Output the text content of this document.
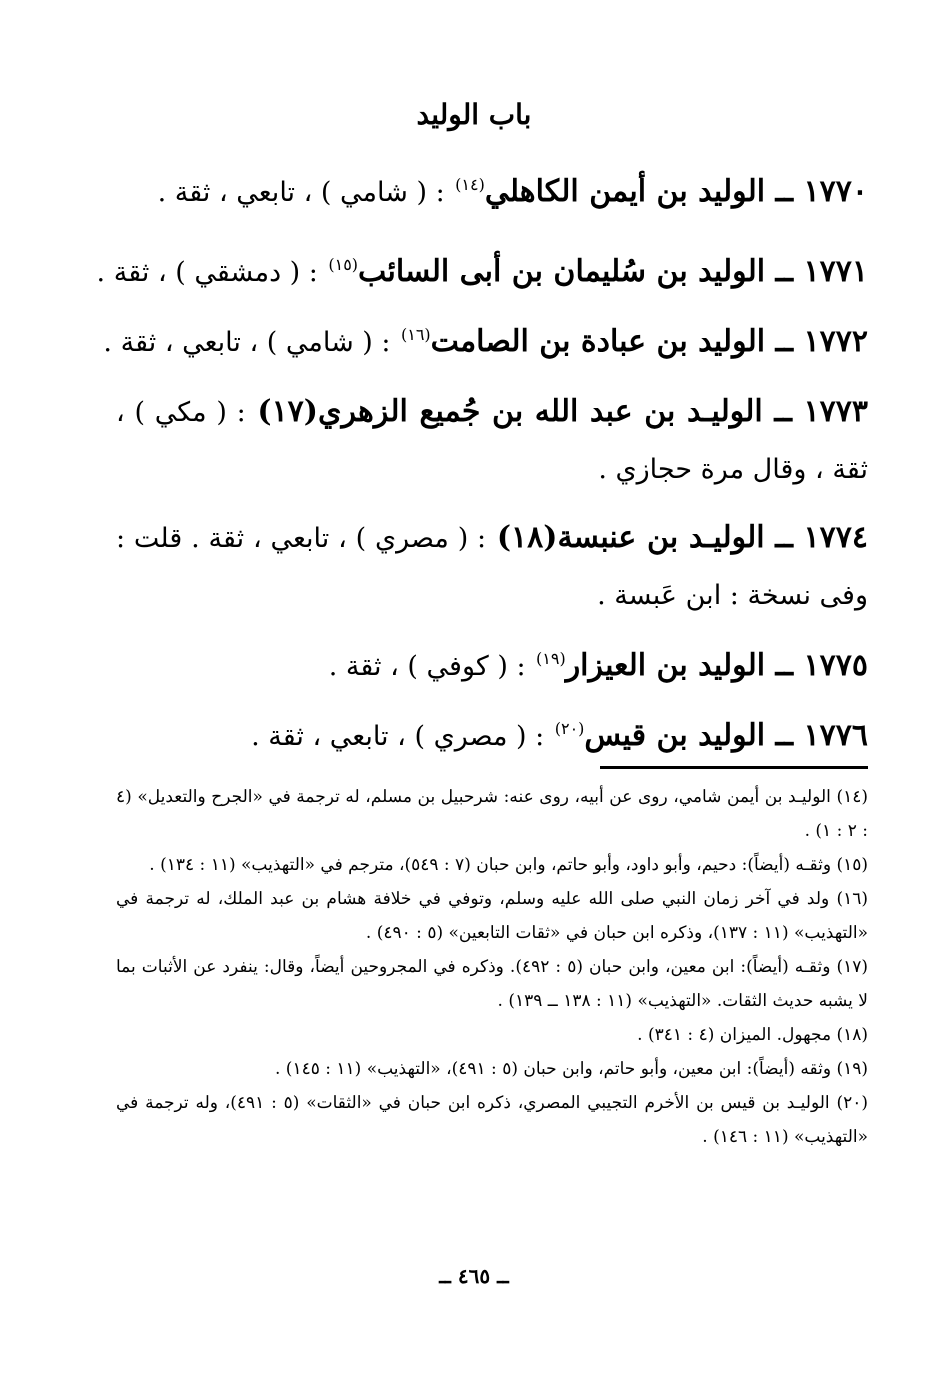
باب الوليد
١٧٧٠ ــ الوليد بن أيمن الكاهلي$^{(١٤)}$ : ( شامي ) ، تابعي ، ثقة .
١٧٧١ ــ الوليد بن سُليمان بن أبى السائب$^{(١٥)}$ : ( دمشقي ) ، ثقة .
١٧٧٢ ــ الوليد بن عبادة بن الصامت$^{(١٦)}$ : ( شامي ) ، تابعي ، ثقة .
١٧٧٣ ــ الوليـد بن عبد الله بن جُميع الزهري(١٧) : ( مكي ) ، ثقة ، وقال مرة حجازي .
١٧٧٤ ــ الوليـد بن عنبسة(١٨) : ( مصري ) ، تابعي ، ثقة . قلت : وفى نسخة : ابن عَبسة .
١٧٧٥ ــ الوليد بن العيزار$^{(١٩)}$ : ( كوفي ) ، ثقة .
١٧٧٦ ــ الوليد بن قيس$^{(٢٠)}$ : ( مصري ) ، تابعي ، ثقة .

(١٤) الوليـد بن أيمن شامي، روى عن أبيه، روى عنه: شرحبيل بن مسلم، له ترجمة في «الجرح والتعديل» (٤ : ٢ : ١) .

(١٥) وثقـه (أيضاً): دحيم، وأبو داود، وأبو حاتم، وابن حبان (٧ : ٥٤٩)، مترجم في «التهذيب» (١١ : ١٣٤) .

(١٦) ولد في آخر زمان النبي صلى الله عليه وسلم، وتوفي في خلافة هشام بن عبد الملك، له ترجمة في «التهذيب» (١١ : ١٣٧)، وذكره ابن حبان في «ثقات التابعين» (٥ : ٤٩٠) .

(١٧) وثقـه (أيضاً): ابن معين، وابن حبان (٥ : ٤٩٢). وذكره في المجروحين أيضاً، وقال: ينفرد عن الأثبات بما لا يشبه حديث الثقات. «التهذيب» (١١ : ١٣٨ ــ ١٣٩) .

(١٨) مجهول. الميزان (٤ : ٣٤١) .

(١٩) وثقه (أيضاً): ابن معين، وأبو حاتم، وابن حبان (٥ : ٤٩١)، «التهذيب» (١١ : ١٤٥) .

(٢٠) الوليـد بن قيس بن الأخرم التجيبي المصري، ذكره ابن حبان في «الثقات» (٥ : ٤٩١)، وله ترجمة في «التهذيب» (١١ : ١٤٦) .

ــ ٤٦٥ ــ
